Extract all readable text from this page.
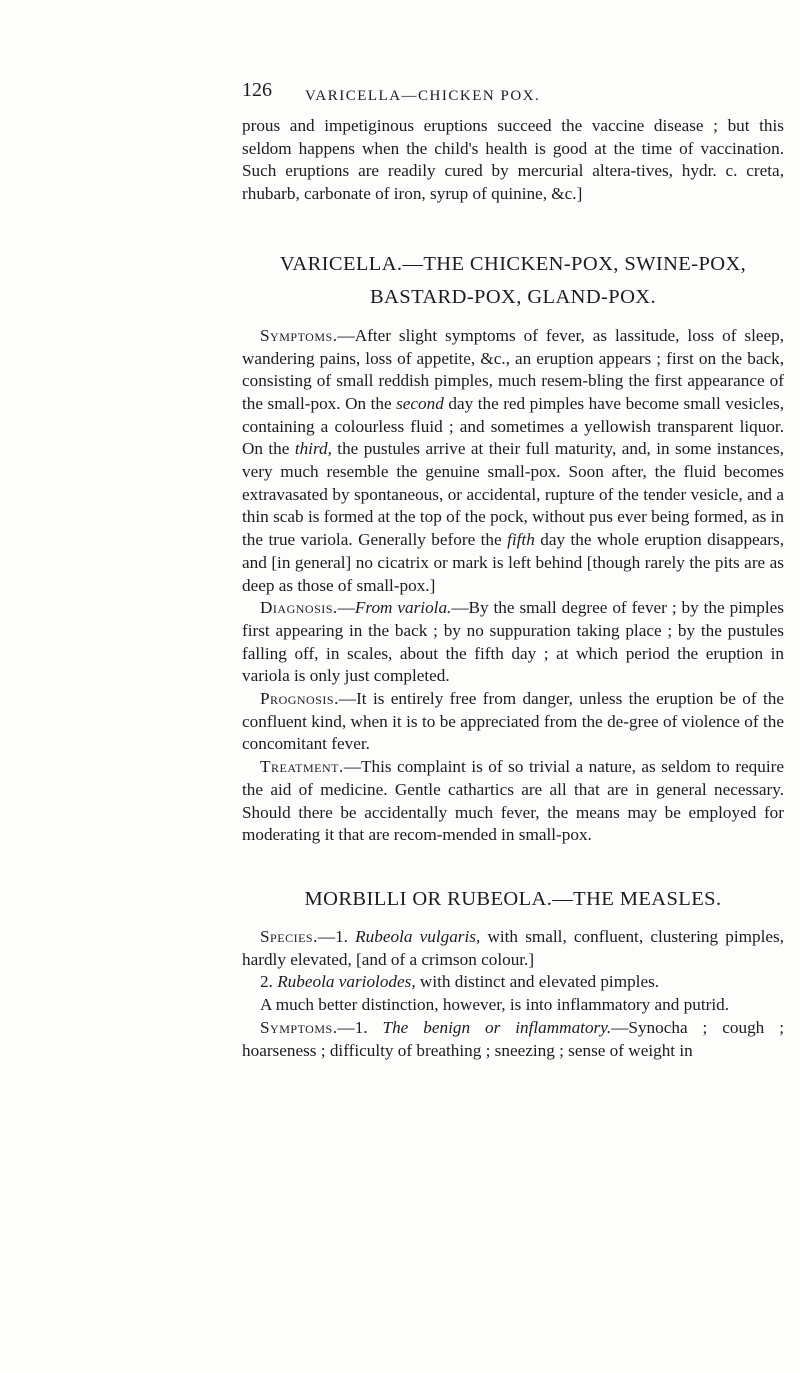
126 VARICELLA—CHICKEN POX.

prous and impetiginous eruptions succeed the vaccine disease ; but this seldom happens when the child's health is good at the time of vaccination. Such eruptions are readily cured by mercurial altera-tives, hydr. c. creta, rhubarb, carbonate of iron, syrup of quinine, &c.]

VARICELLA.—THE CHICKEN-POX, SWINE-POX,
BASTARD-POX, GLAND-POX.

Symptoms.—After slight symptoms of fever, as lassitude, loss of sleep, wandering pains, loss of appetite, &c., an eruption appears ; first on the back, consisting of small reddish pimples, much resem-bling the first appearance of the small-pox. On the second day the red pimples have become small vesicles, containing a colourless fluid ; and sometimes a yellowish transparent liquor. On the third, the pustules arrive at their full maturity, and, in some instances, very much resemble the genuine small-pox. Soon after, the fluid becomes extravasated by spontaneous, or accidental, rupture of the tender vesicle, and a thin scab is formed at the top of the pock, without pus ever being formed, as in the true variola. Generally before the fifth day the whole eruption disappears, and [in general] no cicatrix or mark is left behind [though rarely the pits are as deep as those of small-pox.]

Diagnosis.—From variola.—By the small degree of fever ; by the pimples first appearing in the back ; by no suppuration taking place ; by the pustules falling off, in scales, about the fifth day ; at which period the eruption in variola is only just completed.

Prognosis.—It is entirely free from danger, unless the eruption be of the confluent kind, when it is to be appreciated from the de-gree of violence of the concomitant fever.

Treatment.—This complaint is of so trivial a nature, as seldom to require the aid of medicine. Gentle cathartics are all that are in general necessary. Should there be accidentally much fever, the means may be employed for moderating it that are recom-mended in small-pox.

MORBILLI OR RUBEOLA.—THE MEASLES.

Species.—1. Rubeola vulgaris, with small, confluent, clustering pimples, hardly elevated, [and of a crimson colour.]

2. Rubeola variolodes, with distinct and elevated pimples.

A much better distinction, however, is into inflammatory and putrid.

Symptoms.—1. The benign or inflammatory.—Synocha ; cough ; hoarseness ; difficulty of breathing ; sneezing ; sense of weight in
